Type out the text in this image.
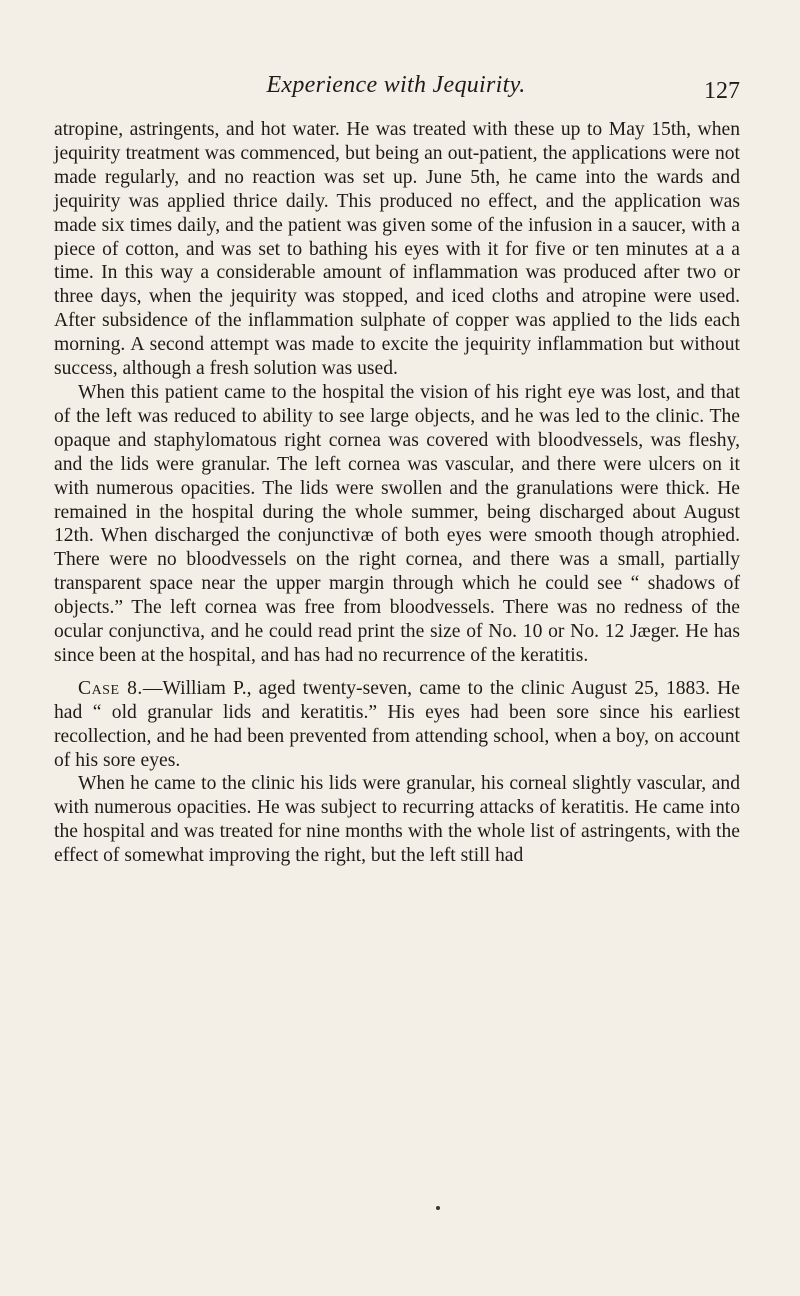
Experience with Jequirity.	127

atropine, astringents, and hot water. He was treated with these up to May 15th, when jequirity treatment was commenced, but being an out-patient, the applications were not made regularly, and no reaction was set up. June 5th, he came into the wards and jequirity was applied thrice daily. This produced no effect, and the application was made six times daily, and the patient was given some of the infusion in a saucer, with a piece of cotton, and was set to bathing his eyes with it for five or ten minutes at a a time. In this way a considerable amount of inflammation was produced after two or three days, when the jequirity was stopped, and iced cloths and atropine were used. After subsidence of the inflammation sulphate of copper was applied to the lids each morning. A second attempt was made to excite the jequirity inflammation but without success, although a fresh solution was used.

When this patient came to the hospital the vision of his right eye was lost, and that of the left was reduced to ability to see large objects, and he was led to the clinic. The opaque and staphylomatous right cornea was covered with bloodvessels, was fleshy, and the lids were granular. The left cornea was vascular, and there were ulcers on it with numerous opacities. The lids were swollen and the granulations were thick. He remained in the hospital during the whole summer, being discharged about August 12th. When discharged the conjunctivæ of both eyes were smooth though atrophied. There were no bloodvessels on the right cornea, and there was a small, partially transparent space near the upper margin through which he could see “ shadows of objects.” The left cornea was free from bloodvessels. There was no redness of the ocular conjunctiva, and he could read print the size of No. 10 or No. 12 Jæger. He has since been at the hospital, and has had no recurrence of the keratitis.

Case 8.—William P., aged twenty-seven, came to the clinic August 25, 1883. He had “ old granular lids and keratitis.” His eyes had been sore since his earliest recollection, and he had been prevented from attending school, when a boy, on account of his sore eyes.

When he came to the clinic his lids were granular, his corneal slightly vascular, and with numerous opacities. He was subject to recurring attacks of keratitis. He came into the hospital and was treated for nine months with the whole list of astringents, with the effect of somewhat improving the right, but the left still had
